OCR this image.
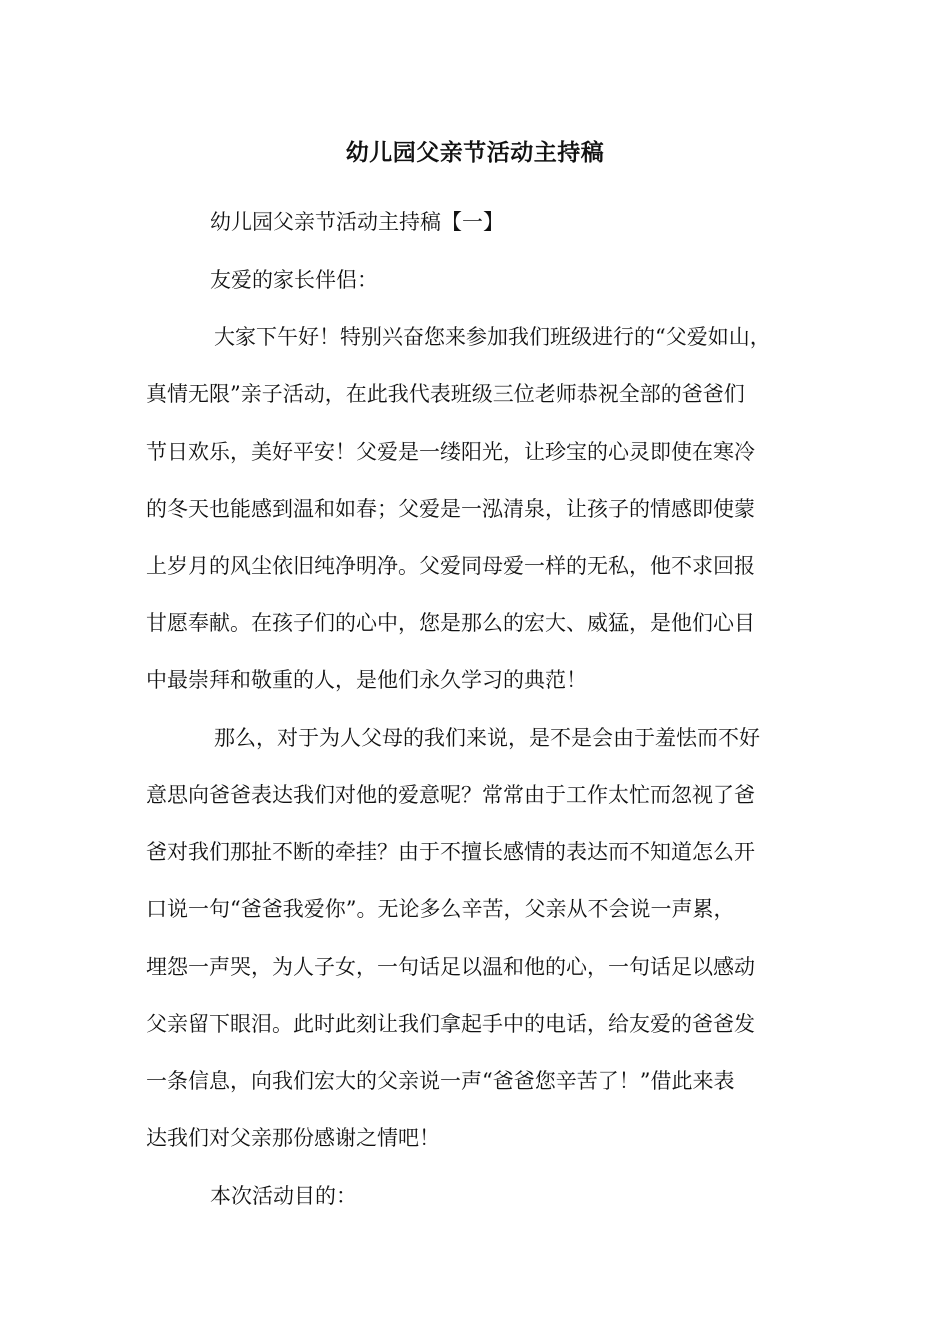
幼儿园父亲节活动主持稿
幼儿园父亲节活动主持稿【一】
友爱的家长伴侣：
大家下午好！特别兴奋您来参加我们班级进行的“父爱如山，
真情无限”亲子活动，在此我代表班级三位老师恭祝全部的爸爸们
节日欢乐，美好平安！父爱是一缕阳光，让珍宝的心灵即使在寒冷
的冬天也能感到温和如春；父爱是一泓清泉，让孩子的情感即使蒙
上岁月的风尘依旧纯净明净。父爱同母爱一样的无私，他不求回报
甘愿奉献。在孩子们的心中，您是那么的宏大、威猛，是他们心目
中最崇拜和敬重的人，是他们永久学习的典范！
那么，对于为人父母的我们来说，是不是会由于羞怯而不好
意思向爸爸表达我们对他的爱意呢？常常由于工作太忙而忽视了爸
爸对我们那扯不断的牵挂？由于不擅长感情的表达而不知道怎么开
口说一句“爸爸我爱你”。无论多么辛苦，父亲从不会说一声累，
埋怨一声哭，为人子女，一句话足以温和他的心，一句话足以感动
父亲留下眼泪。此时此刻让我们拿起手中的电话，给友爱的爸爸发
一条信息，向我们宏大的父亲说一声“爸爸您辛苦了！”借此来表
达我们对父亲那份感谢之情吧！
本次活动目的：
